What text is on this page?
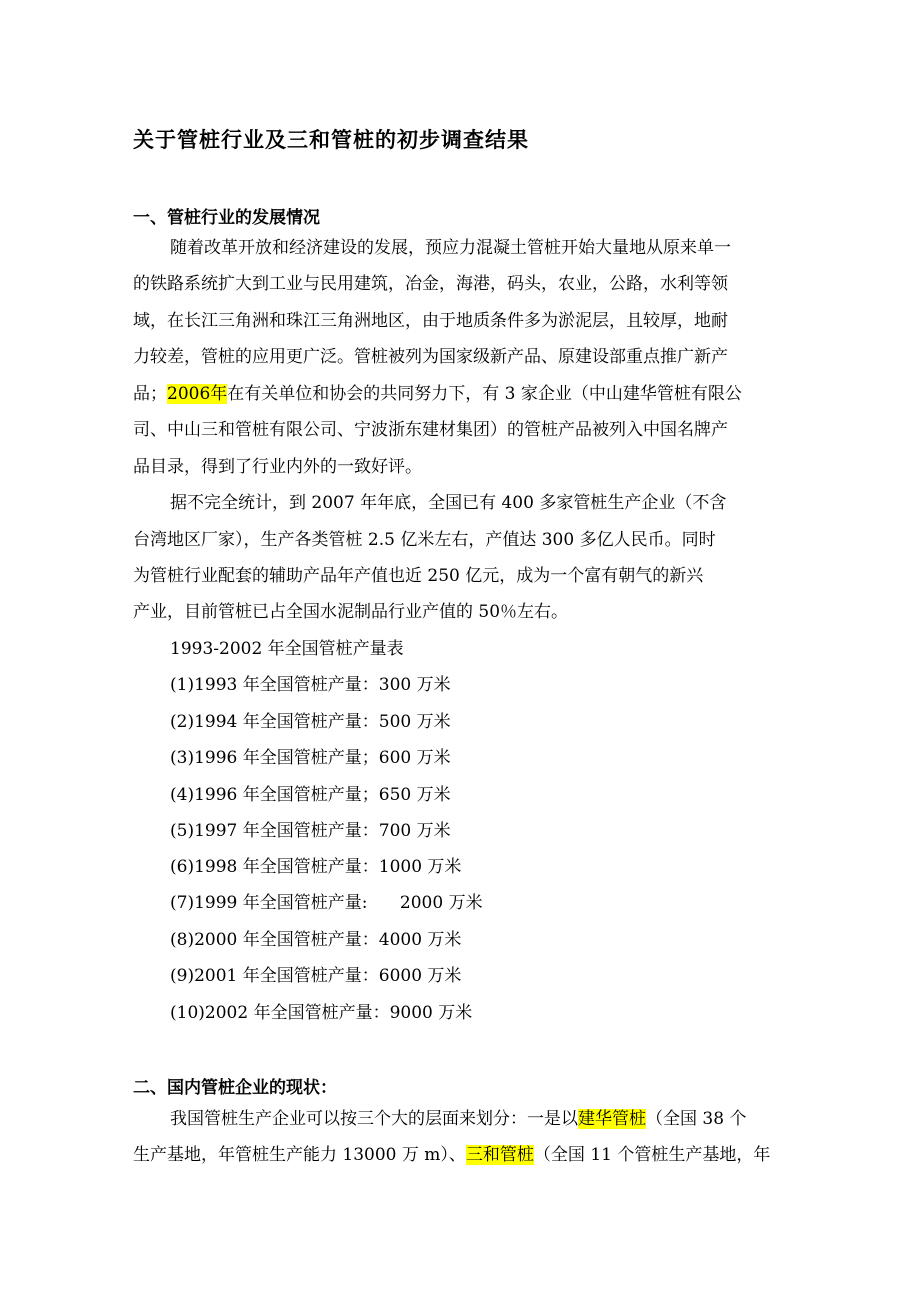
关于管桩行业及三和管桩的初步调查结果
一、管桩行业的发展情况
随着改革开放和经济建设的发展，预应力混凝土管桩开始大量地从原来单一
的铁路系统扩大到工业与民用建筑，冶金，海港，码头，农业，公路，水利等领
域，在长江三角洲和珠江三角洲地区，由于地质条件多为淤泥层，且较厚，地耐
力较差，管桩的应用更广泛。管桩被列为国家级新产品、原建设部重点推广新产
品；2006年在有关单位和协会的共同努力下，有 3 家企业（中山建华管桩有限公
司、中山三和管桩有限公司、宁波浙东建材集团）的管桩产品被列入中国名牌产
品目录，得到了行业内外的一致好评。
据不完全统计，到 2007 年年底，全国已有 400 多家管桩生产企业（不含
台湾地区厂家），生产各类管桩 2.5 亿米左右，产值达 300 多亿人民币。同时
为管桩行业配套的辅助产品年产值也近 250 亿元，成为一个富有朝气的新兴
产业，目前管桩已占全国水泥制品行业产值的 50％左右。
1993-2002 年全国管桩产量表
(1)1993 年全国管桩产量：300 万米
(2)1994 年全国管桩产量：500 万米
(3)1996 年全国管桩产量；600 万米
(4)1996 年全国管桩产量；650 万米
(5)1997 年全国管桩产量：700 万米
(6)1998 年全国管桩产量：1000 万米
(7)1999 年全国管桩产量:      2000 万米
(8)2000 年全国管桩产量：4000 万米
(9)2001 年全国管桩产量：6000 万米
(10)2002 年全国管桩产量：9000 万米
二、国内管桩企业的现状：
我国管桩生产企业可以按三个大的层面来划分：一是以建华管桩（全国 38 个
生产基地，年管桩生产能力 13000 万 m）、三和管桩（全国 11 个管桩生产基地，年
